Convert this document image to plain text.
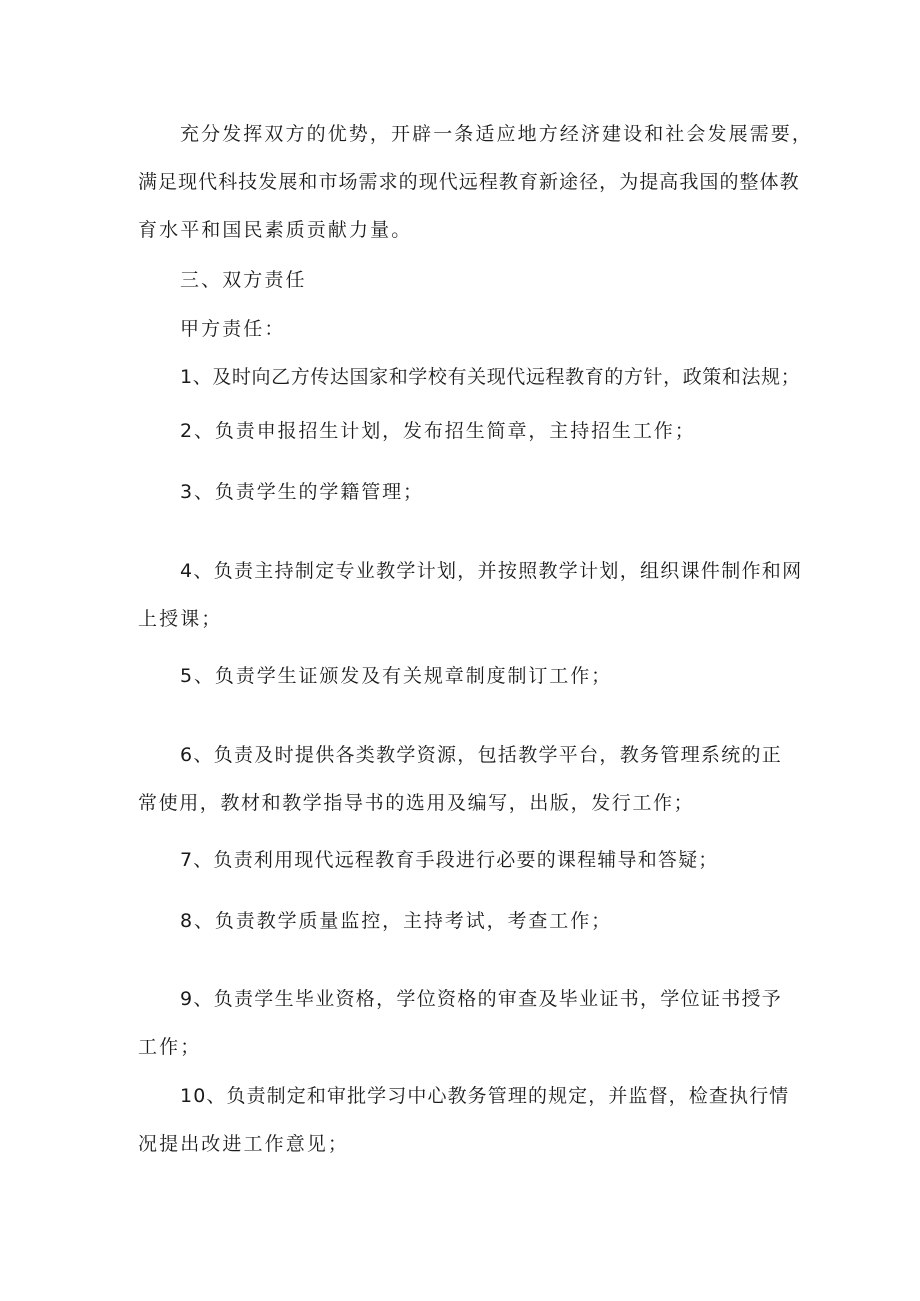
充分发挥双方的优势，开辟一条适应地方经济建设和社会发展需要，
满足现代科技发展和市场需求的现代远程教育新途径，为提高我国的整体教
育水平和国民素质贡献力量。
三、双方责任
甲方责任：
1、及时向乙方传达国家和学校有关现代远程教育的方针，政策和法规；
2、负责申报招生计划，发布招生简章，主持招生工作；
3、负责学生的学籍管理；
4、负责主持制定专业教学计划，并按照教学计划，组织课件制作和网
上授课；
5、负责学生证颁发及有关规章制度制订工作；
6、负责及时提供各类教学资源，包括教学平台，教务管理系统的正
常使用，教材和教学指导书的选用及编写，出版，发行工作；
7、负责利用现代远程教育手段进行必要的课程辅导和答疑；
8、负责教学质量监控，主持考试，考查工作；
9、负责学生毕业资格，学位资格的审查及毕业证书，学位证书授予
工作；
10、负责制定和审批学习中心教务管理的规定，并监督，检查执行情
况提出改进工作意见；
